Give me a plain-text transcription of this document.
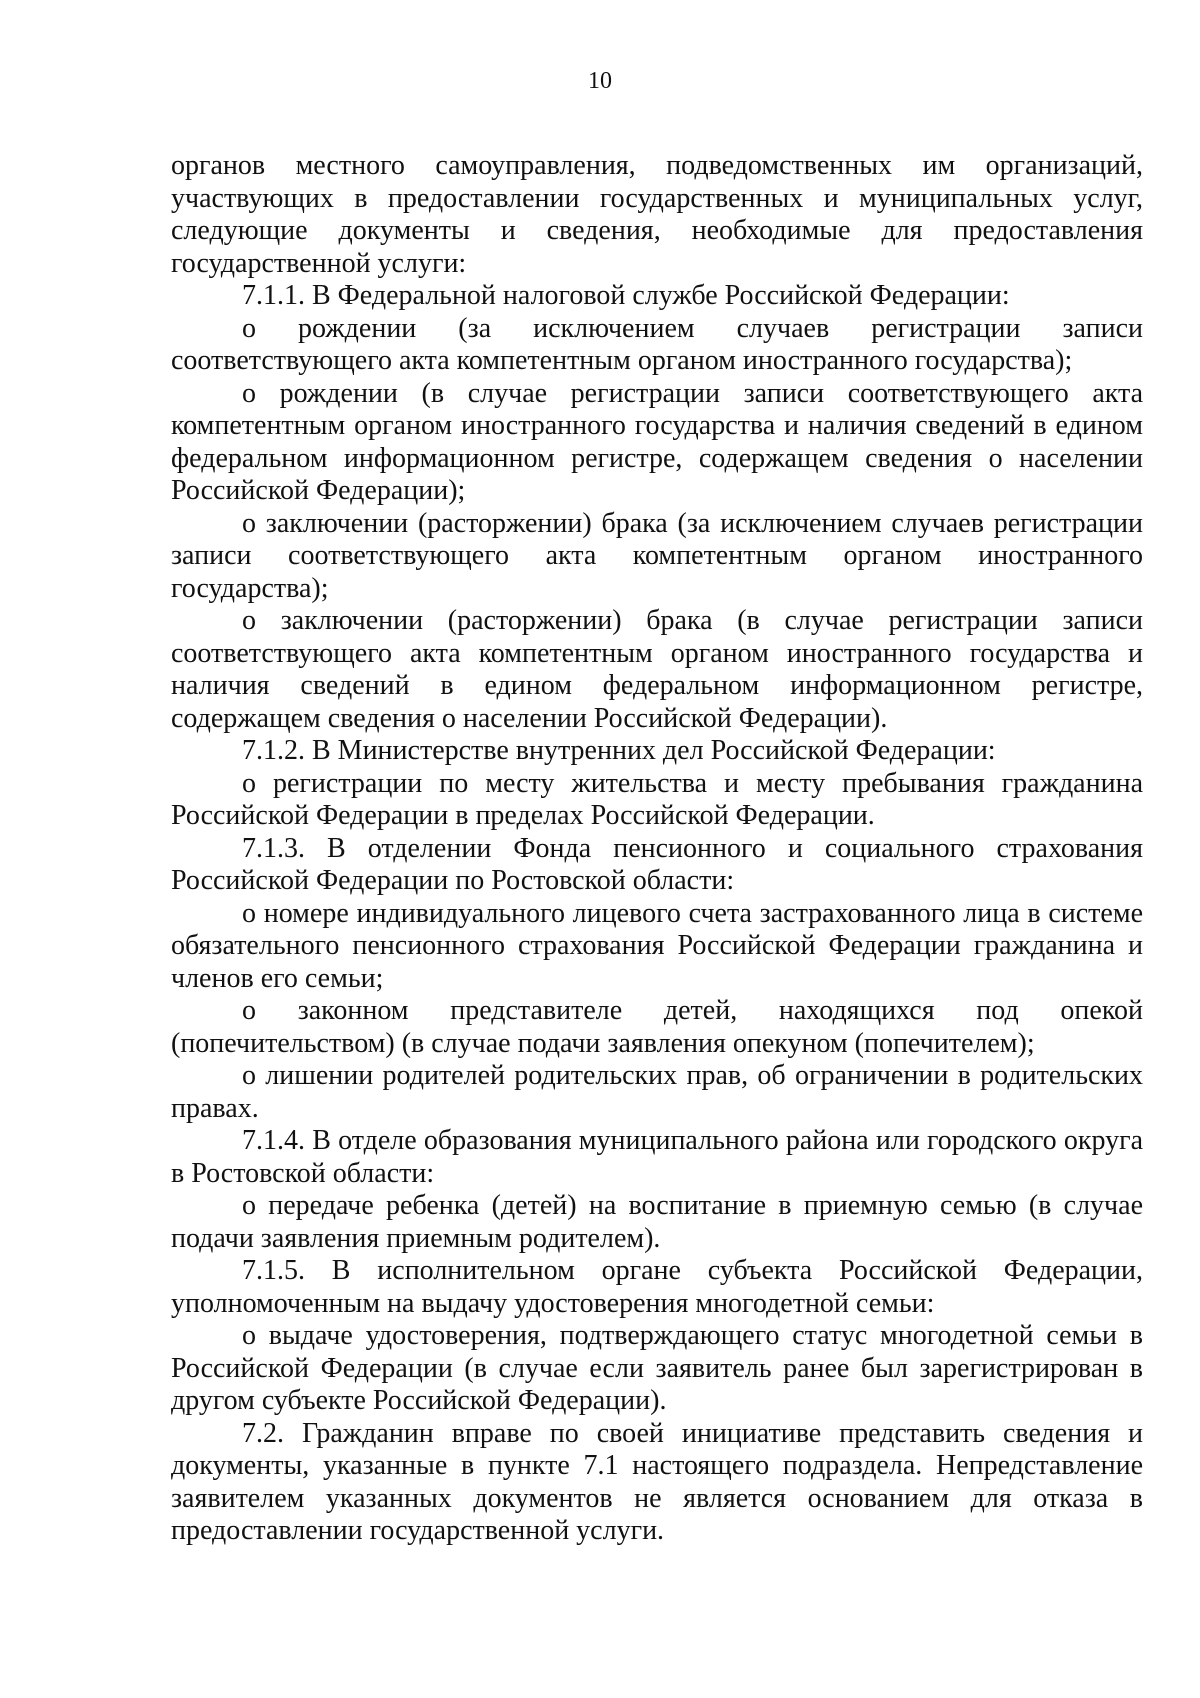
10

органов местного самоуправления, подведомственных им организаций, участвующих в предоставлении государственных и муниципальных услуг, следующие документы и сведения, необходимые для предоставления государственной услуги:

7.1.1. В Федеральной налоговой службе Российской Федерации:

о рождении (за исключением случаев регистрации записи соответствующего акта компетентным органом иностранного государства);

о рождении (в случае регистрации записи соответствующего акта компетентным органом иностранного государства и наличия сведений в едином федеральном информационном регистре, содержащем сведения о населении Российской Федерации);

о заключении (расторжении) брака (за исключением случаев регистрации записи соответствующего акта компетентным органом иностранного государства);

о заключении (расторжении) брака (в случае регистрации записи соответствующего акта компетентным органом иностранного государства и наличия сведений в едином федеральном информационном регистре, содержащем сведения о населении Российской Федерации).

7.1.2. В Министерстве внутренних дел Российской Федерации:

о регистрации по месту жительства и месту пребывания гражданина Российской Федерации в пределах Российской Федерации.

7.1.3. В отделении Фонда пенсионного и социального страхования Российской Федерации по Ростовской области:

о номере индивидуального лицевого счета застрахованного лица в системе обязательного пенсионного страхования Российской Федерации гражданина и членов его семьи;

о законном представителе детей, находящихся под опекой (попечительством) (в случае подачи заявления опекуном (попечителем);

о лишении родителей родительских прав, об ограничении в родительских правах.

7.1.4. В отделе образования муниципального района или городского округа в Ростовской области:

о передаче ребенка (детей) на воспитание в приемную семью (в случае подачи заявления приемным родителем).

7.1.5. В исполнительном органе субъекта Российской Федерации, уполномоченным на выдачу удостоверения многодетной семьи:

о выдаче удостоверения, подтверждающего статус многодетной семьи в Российской Федерации (в случае если заявитель ранее был зарегистрирован в другом субъекте Российской Федерации).

7.2. Гражданин вправе по своей инициативе представить сведения и документы, указанные в пункте 7.1 настоящего подраздела. Непредставление заявителем указанных документов не является основанием для отказа в предоставлении государственной услуги.
